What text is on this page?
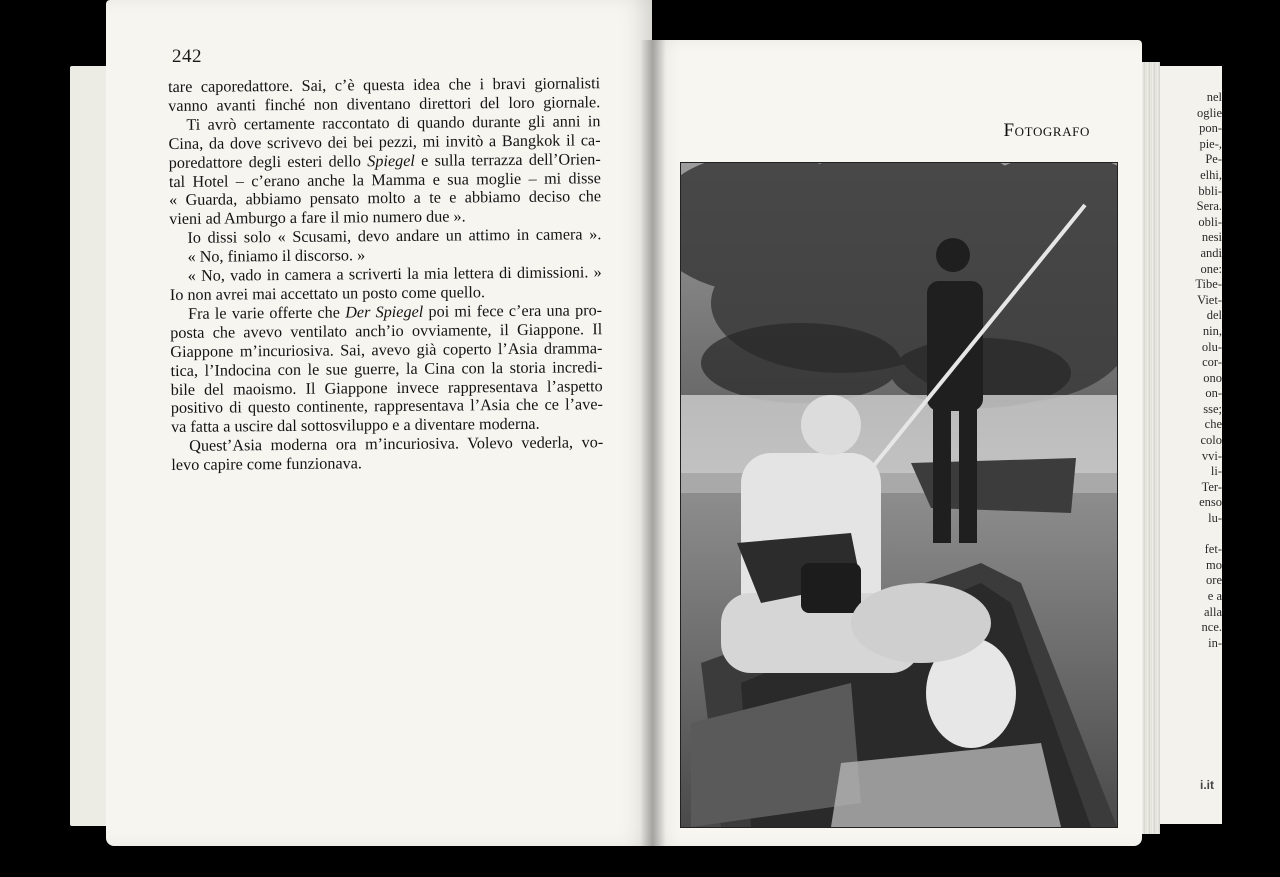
nel
oglie
pon-
pie-,
Pe-
elhi,
bbli-
Sera.
obli-
nesi
andi
one:
Tibe-
Viet-
del
nin,
olu-
cor-
ono
on-
sse;
che
colo
vvi-
li-
Ter-
enso
lu-

fet-
mo
ore
e a
alla
nce.
in-
i.it
242
tare caporedattore. Sai, c’è questa idea che i bravi giornalisti
vanno avanti finché non diventano direttori del loro giornale.
Ti avrò certamente raccontato di quando durante gli anni in
Cina, da dove scrivevo dei bei pezzi, mi invitò a Bangkok il ca-
poredattore degli esteri dello Spiegel e sulla terrazza dell’Orien-
tal Hotel – c’erano anche la Mamma e sua moglie – mi disse
« Guarda, abbiamo pensato molto a te e abbiamo deciso che
vieni ad Amburgo a fare il mio numero due ».
Io dissi solo « Scusami, devo andare un attimo in camera ».
« No, finiamo il discorso. »
« No, vado in camera a scriverti la mia lettera di dimissioni. »
Io non avrei mai accettato un posto come quello.
Fra le varie offerte che Der Spiegel poi mi fece c’era una pro-
posta che avevo ventilato anch’io ovviamente, il Giappone. Il
Giappone m’incuriosiva. Sai, avevo già coperto l’Asia dramma-
tica, l’Indocina con le sue guerre, la Cina con la storia incredi-
bile del maoismo. Il Giappone invece rappresentava l’aspetto
positivo di questo continente, rappresentava l’Asia che ce l’ave-
va fatta a uscire dal sottosviluppo e a diventare moderna.
Quest’Asia moderna ora m’incuriosiva. Volevo vederla, vo-
levo capire come funzionava.
Fotografo
